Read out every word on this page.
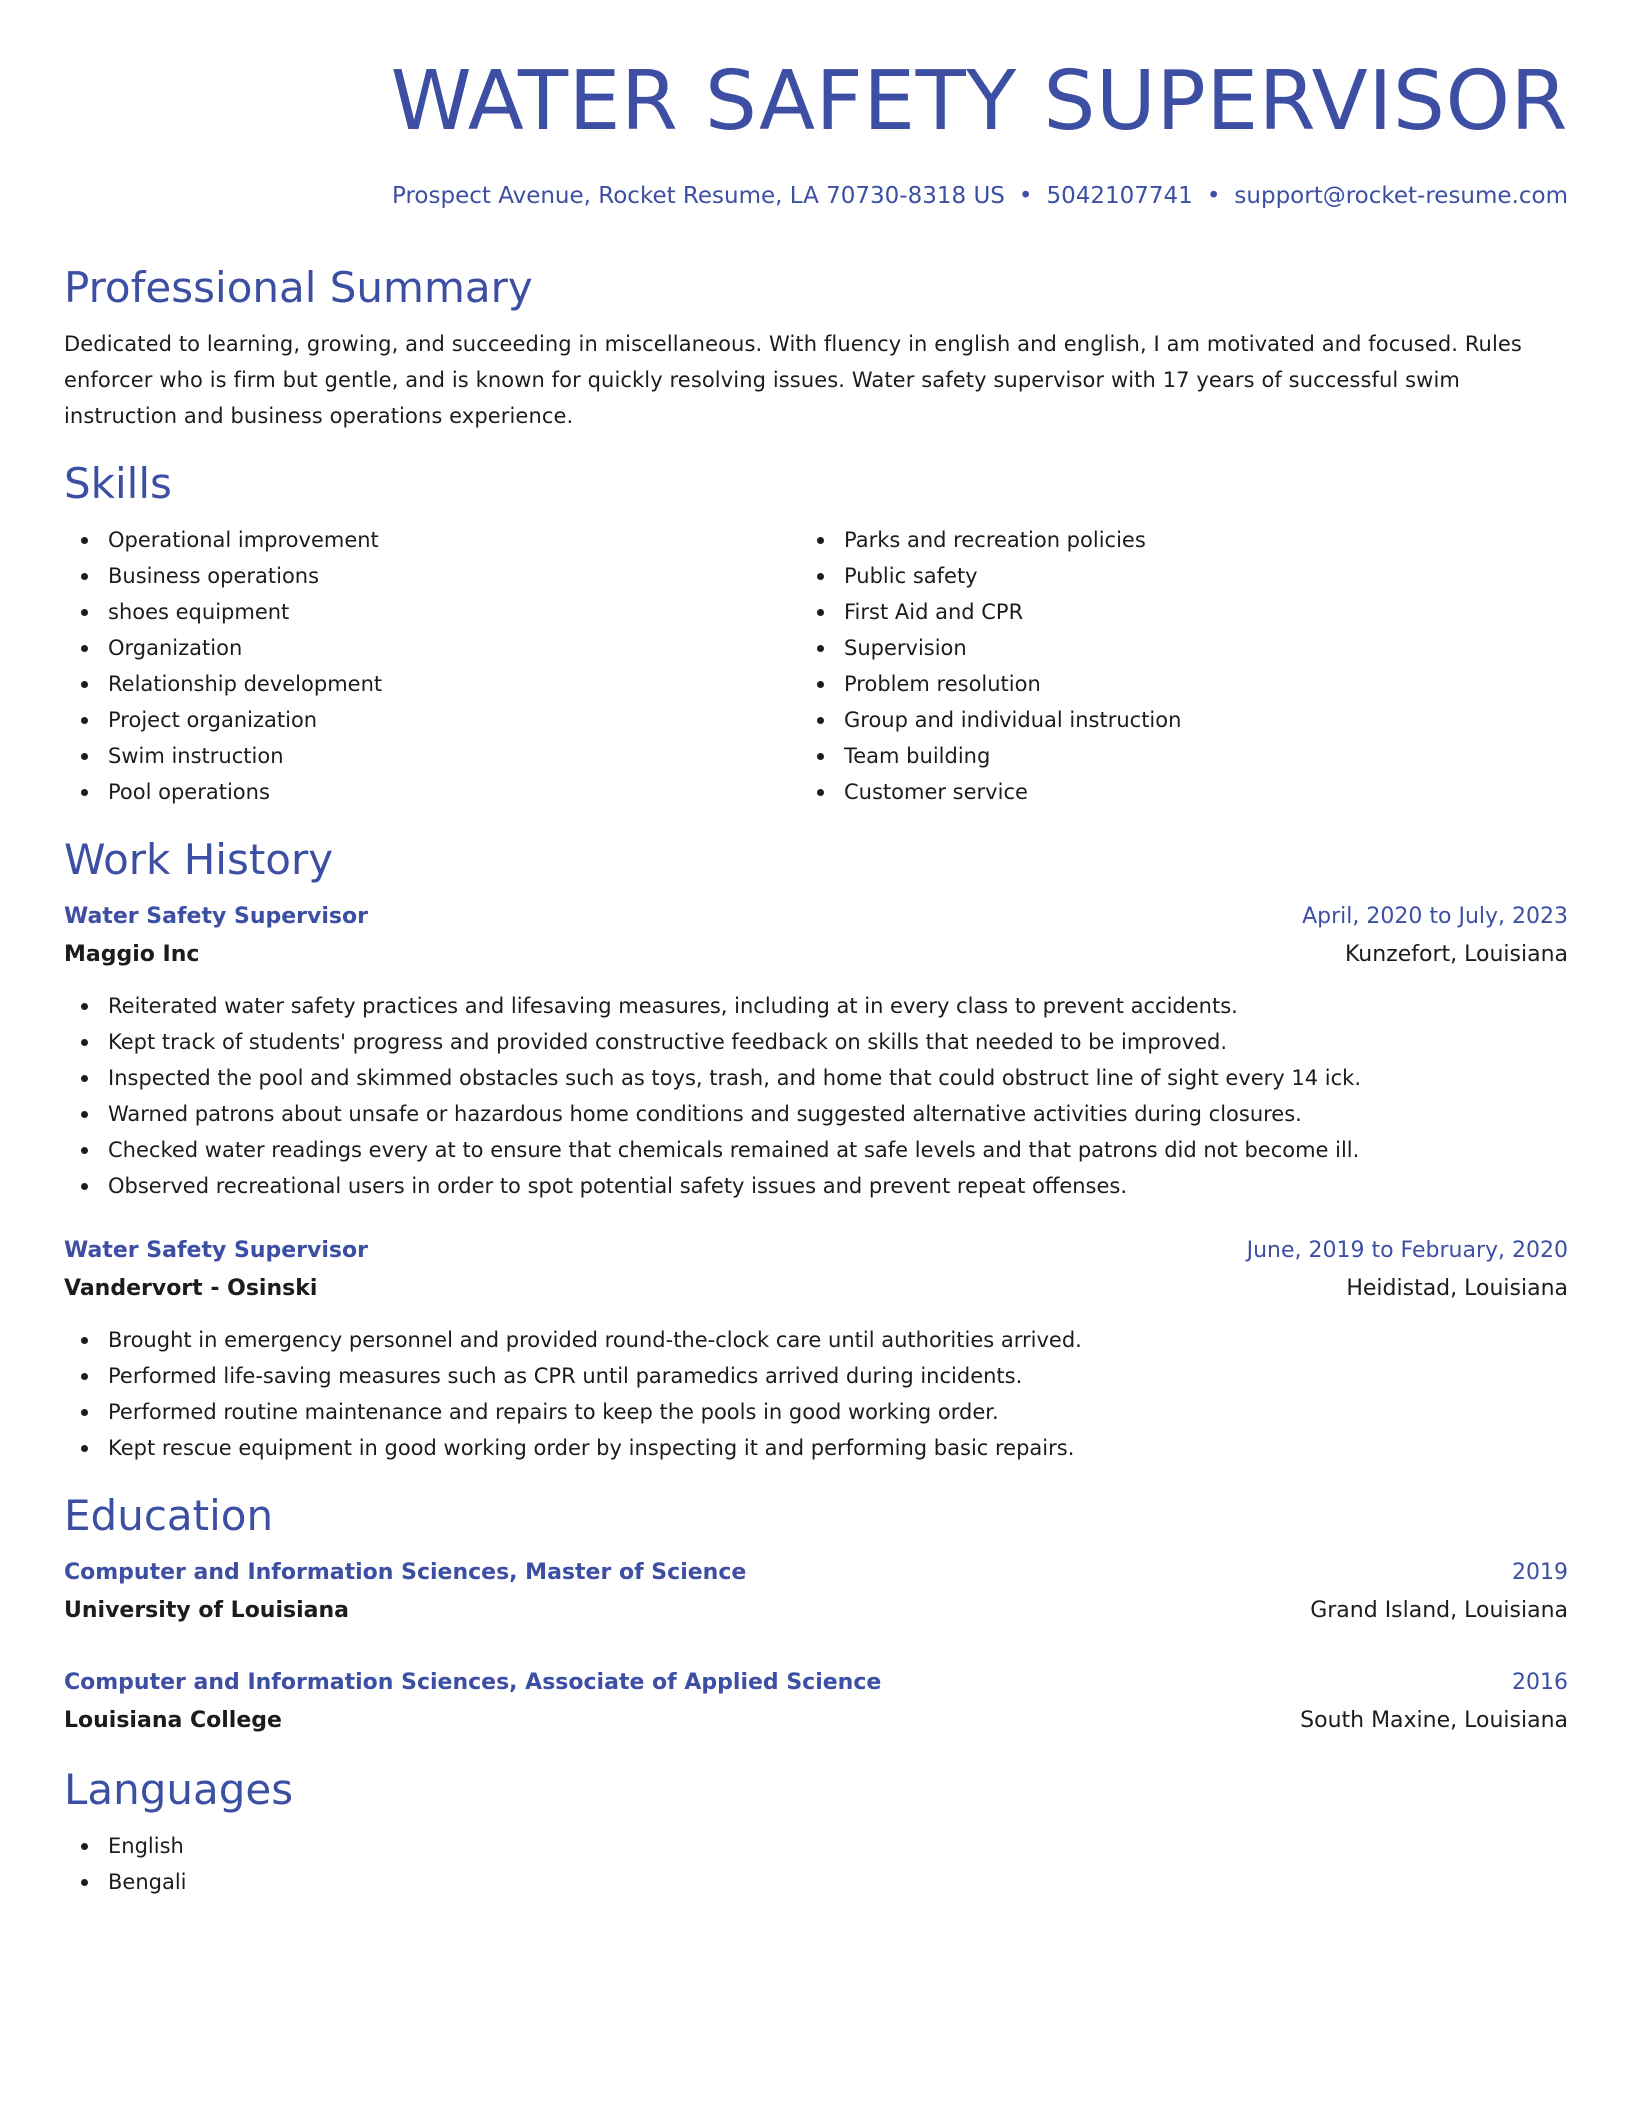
WATER SAFETY SUPERVISOR
Prospect Avenue, Rocket Resume, LA 70730-8318 US • 5042107741 • support@rocket-resume.com
Professional Summary

Dedicated to learning, growing, and succeeding in miscellaneous. With fluency in english and english, I am motivated and focused. Rules enforcer who is firm but gentle, and is known for quickly resolving issues. Water safety supervisor with 17 years of successful swim instruction and business operations experience.

Skills
Operational improvement
Business operations
shoes equipment
Organization
Relationship development
Project organization
Swim instruction
Pool operations
Parks and recreation policies
Public safety
First Aid and CPR
Supervision
Problem resolution
Group and individual instruction
Team building
Customer service
Work History
Water Safety Supervisor	April, 2020 to July, 2023
Maggio Inc	Kunzefort, Louisiana
Reiterated water safety practices and lifesaving measures, including at in every class to prevent accidents.
Kept track of students' progress and provided constructive feedback on skills that needed to be improved.
Inspected the pool and skimmed obstacles such as toys, trash, and home that could obstruct line of sight every 14 ick.
Warned patrons about unsafe or hazardous home conditions and suggested alternative activities during closures.
Checked water readings every at to ensure that chemicals remained at safe levels and that patrons did not become ill.
Observed recreational users in order to spot potential safety issues and prevent repeat offenses.
Water Safety Supervisor	June, 2019 to February, 2020
Vandervort - Osinski	Heidistad, Louisiana
Brought in emergency personnel and provided round-the-clock care until authorities arrived.
Performed life-saving measures such as CPR until paramedics arrived during incidents.
Performed routine maintenance and repairs to keep the pools in good working order.
Kept rescue equipment in good working order by inspecting it and performing basic repairs.
Education
Computer and Information Sciences, Master of Science	2019
University of Louisiana	Grand Island, Louisiana
Computer and Information Sciences, Associate of Applied Science	2016
Louisiana College	South Maxine, Louisiana
Languages
English
Bengali
